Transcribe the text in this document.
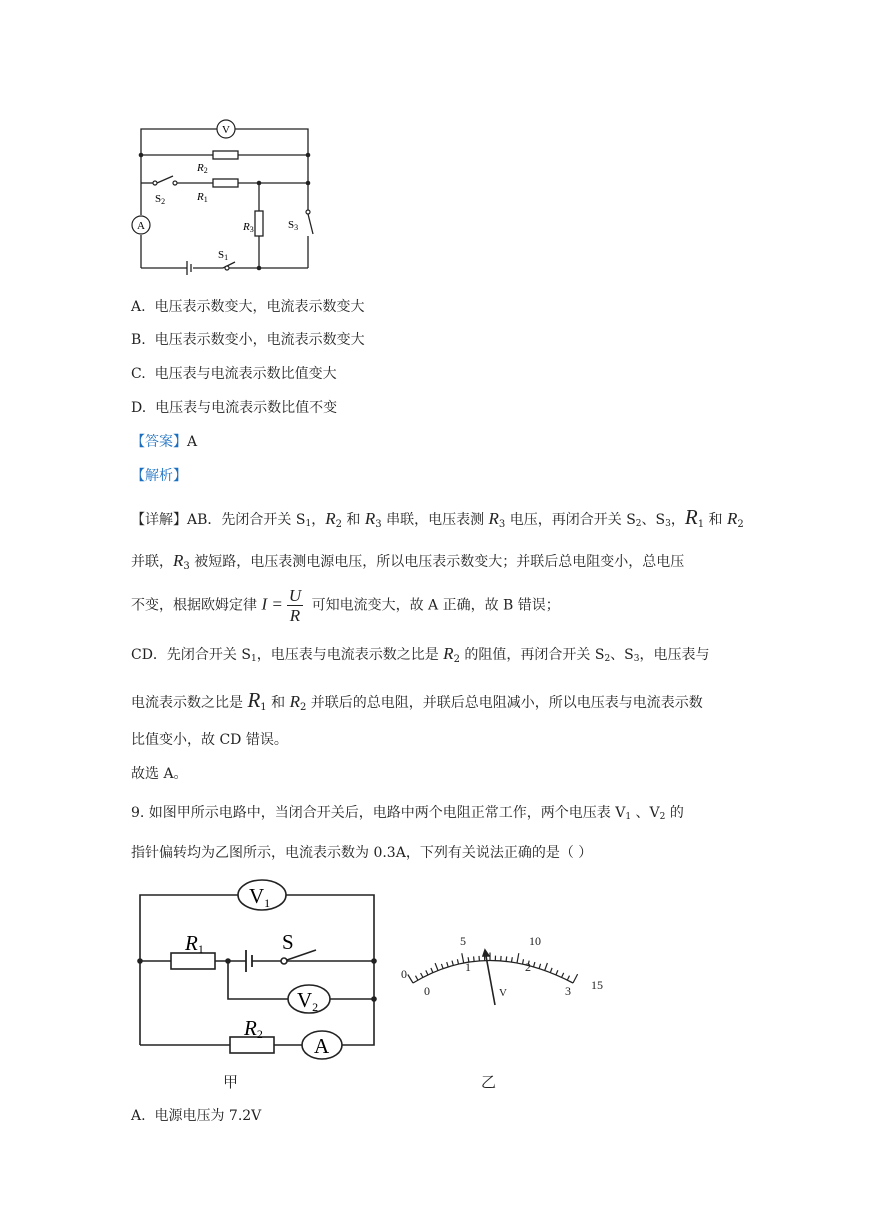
V
A
R2
R1
R3
S2
S3
S1
A. 电压表示数变大，电流表示数变大
B. 电压表示数变小，电流表示数变大
C. 电压表与电流表示数比值变大
D. 电压表与电流表示数比值不变
【答案】A
【解析】
【详解】AB．先闭合开关 S1，$R_2$ 和 $R_3$ 串联，电压表测 $R_3$ 电压，再闭合开关 S2、S3，$R_1$ 和 $R_2$
并联，$R_3$ 被短路，电压表测电源电压，所以电压表示数变大；并联后总电阻变小，总电压
不变，根据欧姆定律 $I = \frac{U}{R}$ 可知电流变大，故 A 正确，故 B 错误；
CD．先闭合开关 S1，电压表与电流表示数之比是 $R_2$ 的阻值，再闭合开关 S2、S3，电压表与
电流表示数之比是 $R_1$ 和 $R_2$ 并联后的总电阻，并联后总电阻减小，所以电压表与电流表示数
比值变小，故 CD 错误。
故选 A。
9. 如图甲所示电路中，当闭合开关后，电路中两个电阻正常工作，两个电压表 V1 、V2 的
指针偏转均为乙图所示，电流表示数为 0.3A，下列有关说法正确的是（ ）
V1
V2
A
R1
R2
S
甲
0
5	10
15
0
1	2
3
V
乙
A. 电源电压为 7.2V
